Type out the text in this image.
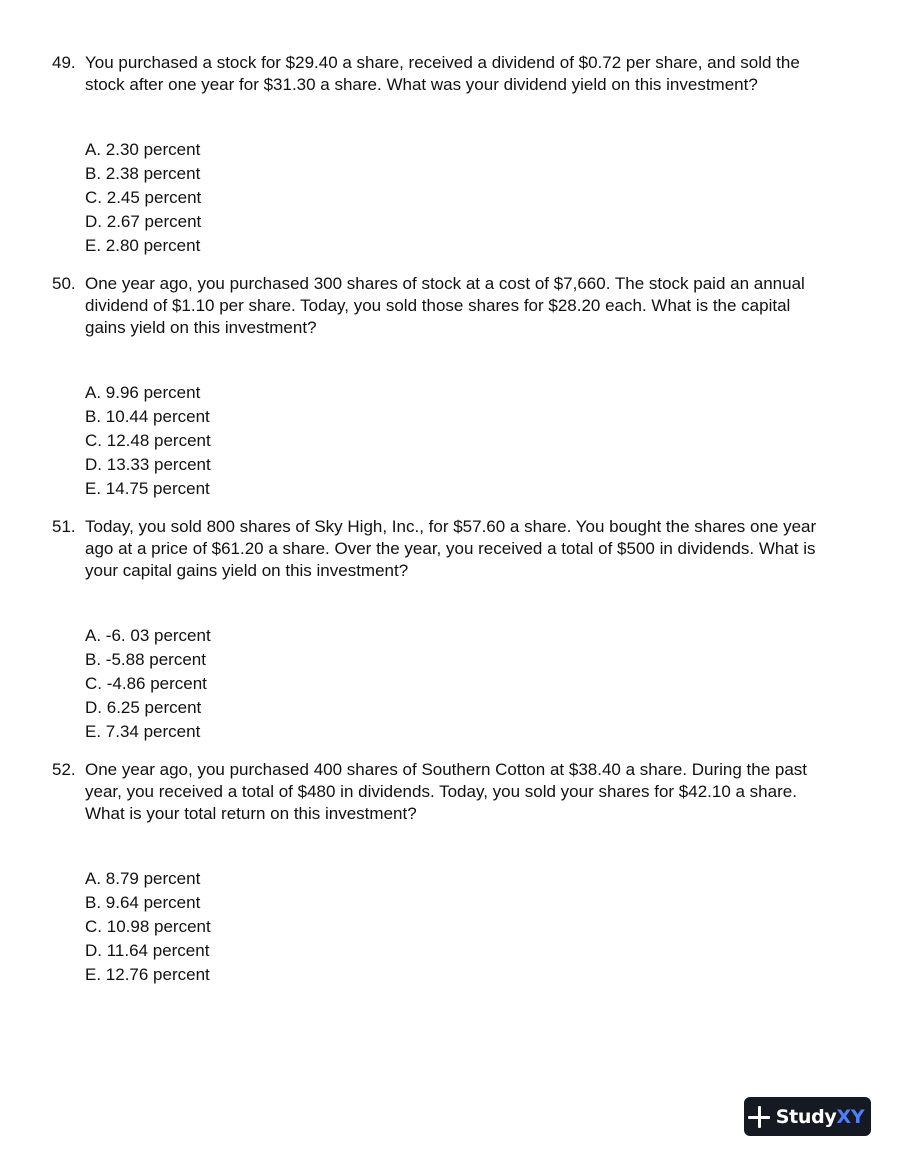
49. You purchased a stock for $29.40 a share, received a dividend of $0.72 per share, and sold the
stock after one year for $31.30 a share. What was your dividend yield on this investment?
A.
2.30 percent
B.
2.38 percent
C.
2.45 percent
D.
2.67 percent
E.
2.80 percent
50. One year ago, you purchased 300 shares of stock at a cost of $7,660. The stock paid an annual
dividend of $1.10 per share. Today, you sold those shares for $28.20 each. What is the capital
gains yield on this investment?
A.
9.96 percent
B.
10.44 percent
C.
12.48 percent
D.
13.33 percent
E.
14.75 percent
51. Today, you sold 800 shares of Sky High, Inc., for $57.60 a share. You bought the shares one year
ago at a price of $61.20 a share. Over the year, you received a total of $500 in dividends. What is
your capital gains yield on this investment?
A.
-6. 03 percent
B.
-5.88 percent
C.
-4.86 percent
D.
6.25 percent
E.
7.34 percent
52. One year ago, you purchased 400 shares of Southern Cotton at $38.40 a share. During the past
year, you received a total of $480 in dividends. Today, you sold your shares for $42.10 a share.
What is your total return on this investment?
A.
8.79 percent
B.
9.64 percent
C.
10.98 percent
D.
11.64 percent
E.
12.76 percent
StudyXY
